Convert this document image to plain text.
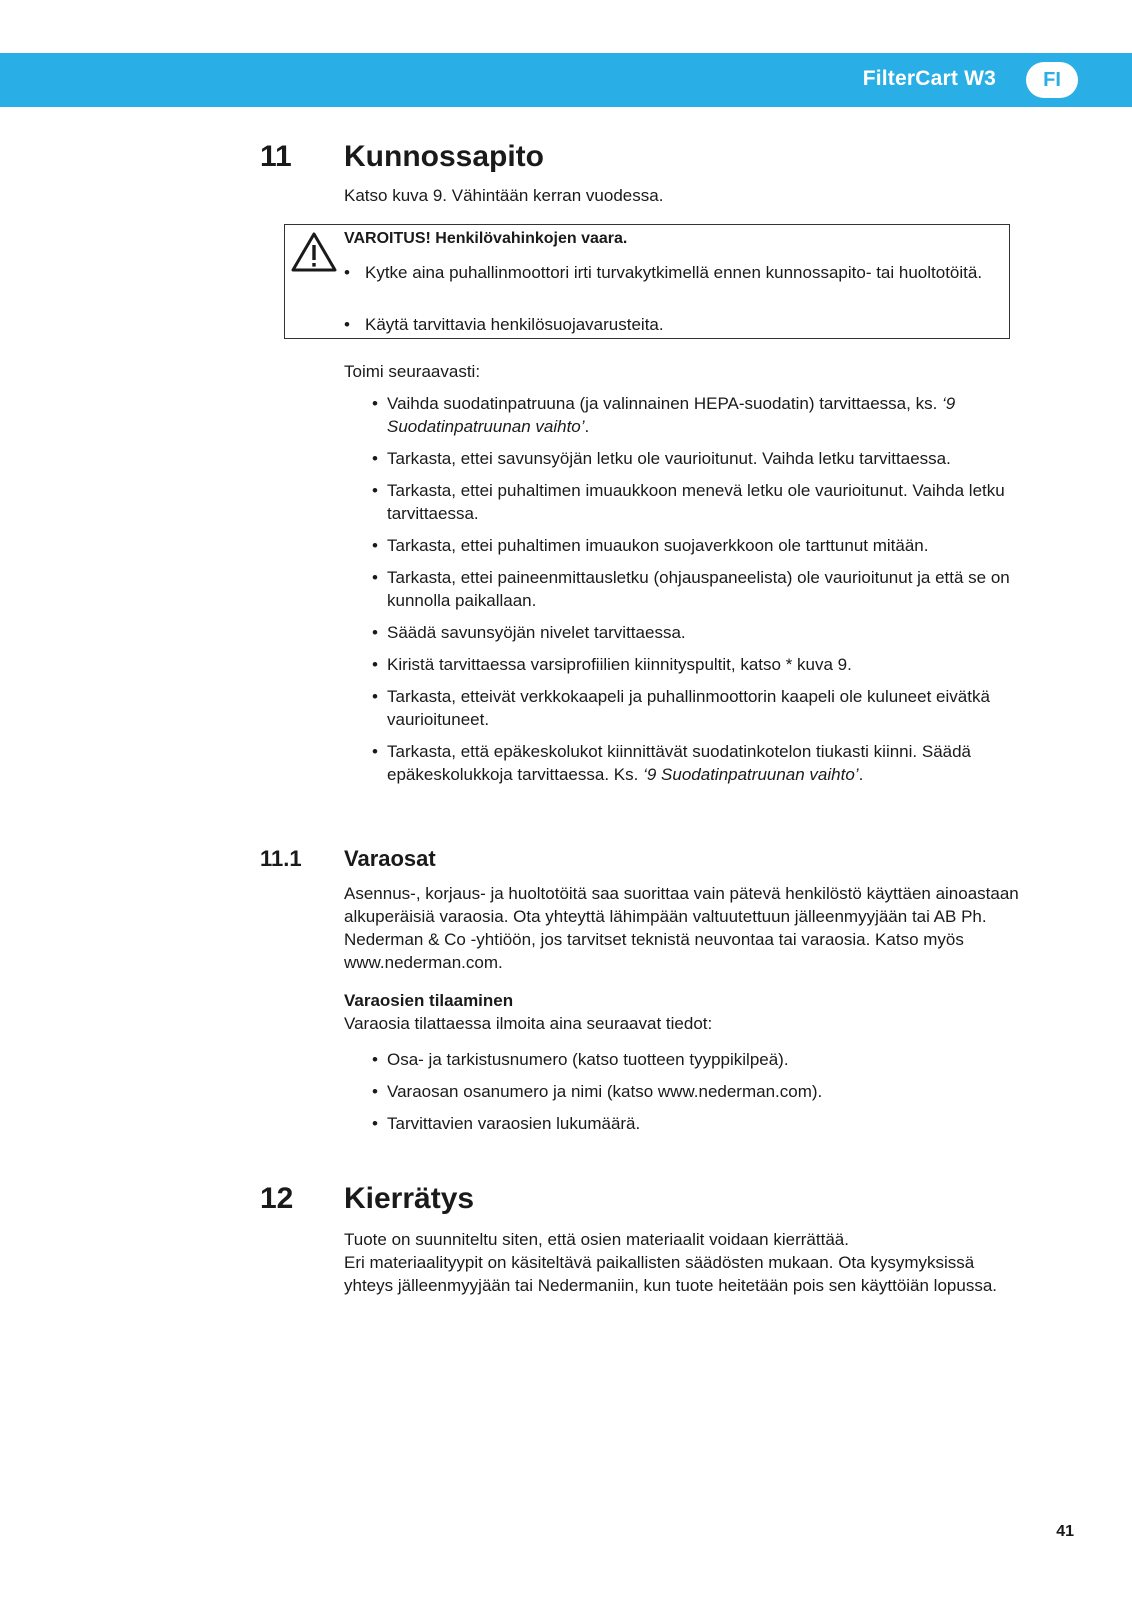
FilterCart W3	FI
11 Kunnossapito
Katso kuva 9. Vähintään kerran vuodessa.
VAROITUS! Henkilövahinkojen vaara.
• Kytke aina puhallinmoottori irti turvakytkimellä ennen kunnossapito- tai huoltotöitä.
• Käytä tarvittavia henkilösuojavarusteita.
Toimi seuraavasti:
• Vaihda suodatinpatruuna (ja valinnainen HEPA-suodatin) tarvittaessa, ks. ‘9 Suodatinpatruunan vaihto’.
• Tarkasta, ettei savunsyöjän letku ole vaurioitunut. Vaihda letku tarvittaessa.
• Tarkasta, ettei puhaltimen imuaukkoon menevä letku ole vaurioitunut. Vaihda letku tarvittaessa.
• Tarkasta, ettei puhaltimen imuaukon suojaverkkoon ole tarttunut mitään.
• Tarkasta, ettei paineenmittausletku (ohjauspaneelista) ole vaurioitunut ja että se on kunnolla paikallaan.
• Säädä savunsyöjän nivelet tarvittaessa.
• Kiristä tarvittaessa varsiprofiilien kiinnityspultit, katso * kuva 9.
• Tarkasta, etteivät verkkokaapeli ja puhallinmoottorin kaapeli ole kuluneet eivätkä vaurioituneet.
• Tarkasta, että epäkeskolukot kiinnittävät suodatinkotelon tiukasti kiinni. Säädä epäkeskolukkoja tarvittaessa. Ks. ‘9 Suodatinpatruunan vaihto’.
11.1 Varaosat
Asennus-, korjaus- ja huoltotöitä saa suorittaa vain pätevä henkilöstö käyttäen ainoastaan alkuperäisiä varaosia. Ota yhteyttä lähimpään valtuutettuun jälleenmyyjään tai AB Ph. Nederman & Co -yhtiöön, jos tarvitset teknistä neuvontaa tai varaosia. Katso myös www.nederman.com.
Varaosien tilaaminen
Varaosia tilattaessa ilmoita aina seuraavat tiedot:
• Osa- ja tarkistusnumero (katso tuotteen tyyppikilpeä).
• Varaosan osanumero ja nimi (katso www.nederman.com).
• Tarvittavien varaosien lukumäärä.
12 Kierrätys
Tuote on suunniteltu siten, että osien materiaalit voidaan kierrättää.
Eri materiaalityypit on käsiteltävä paikallisten säädösten mukaan. Ota kysymyksissä yhteys jälleenmyyjään tai Nedermaniin, kun tuote heitetään pois sen käyttöiän lopussa.
41
